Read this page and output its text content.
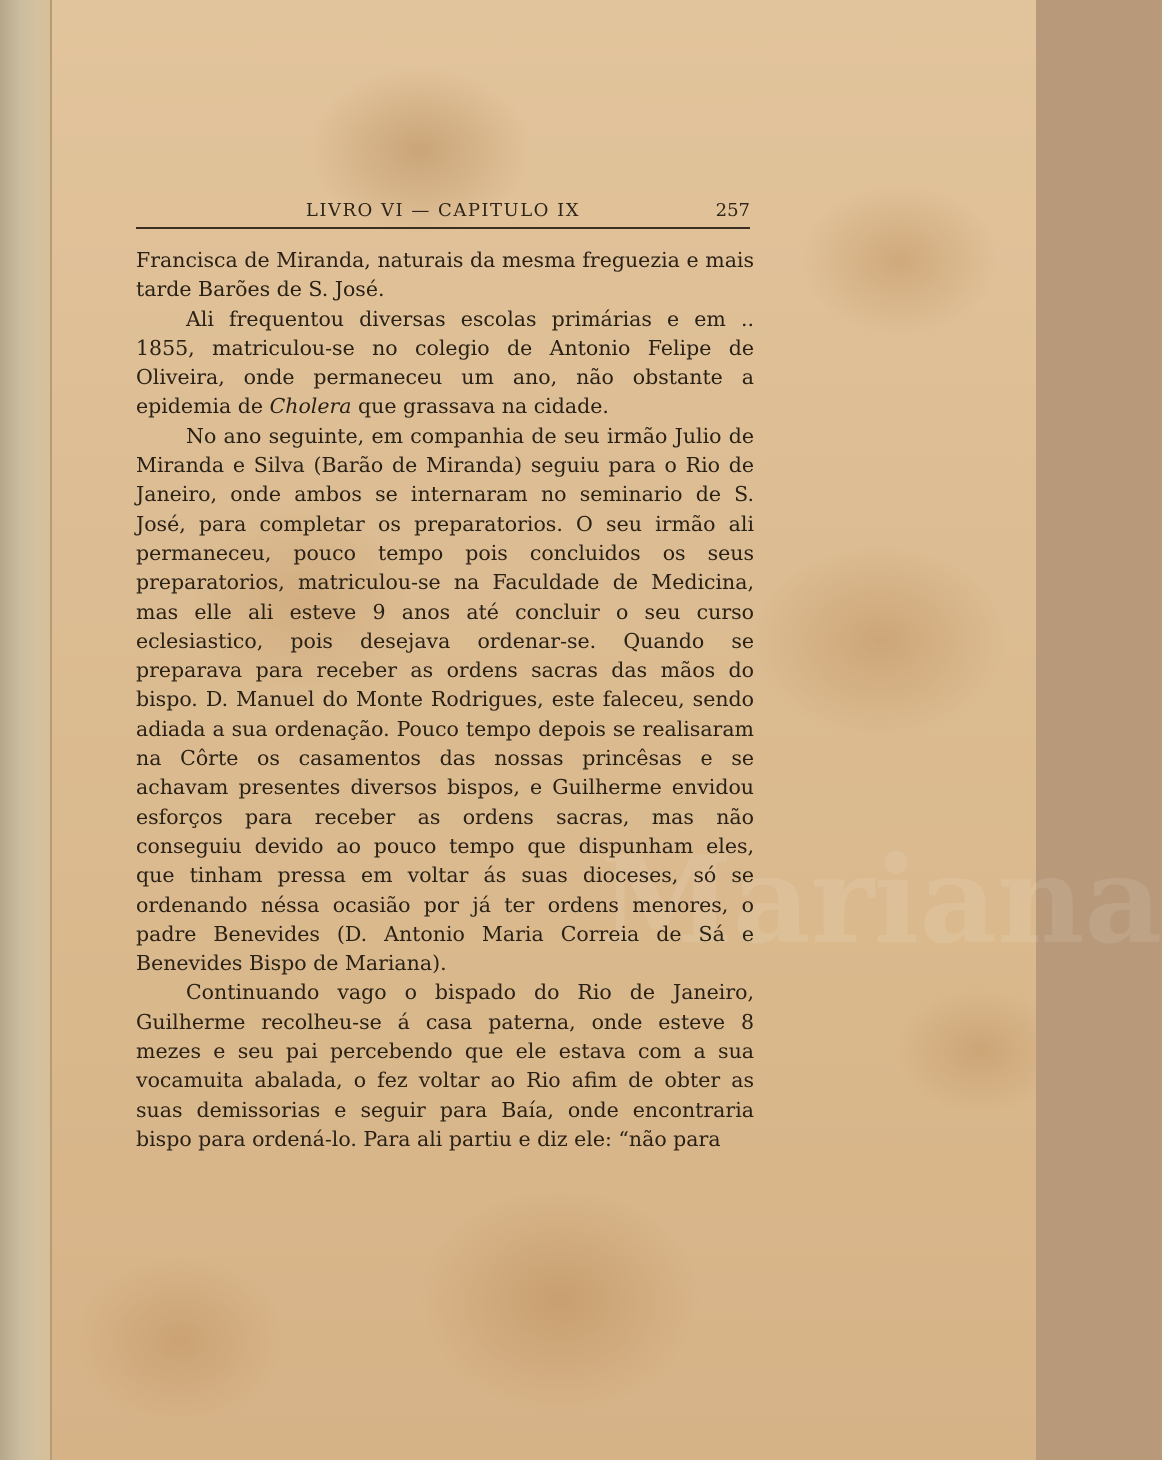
LIVRO VI — CAPITULO IX	257
Mariana

Francisca de Miranda, naturais da mesma freguezia e mais tarde Barões de S. José.

Ali frequentou diversas escolas primárias e em .. 1855, matriculou-se no colegio de Antonio Felipe de Oliveira, onde permaneceu um ano, não obstante a epidemia de Cholera que grassava na cidade.

No ano seguinte, em companhia de seu irmão Julio de Miranda e Silva (Barão de Miranda) seguiu para o Rio de Janeiro, onde ambos se internaram no seminario de S. José, para completar os preparatorios. O seu irmão ali permaneceu, pouco tempo pois concluidos os seus preparatorios, matriculou-se na Faculdade de Medicina, mas elle ali esteve 9 anos até concluir o seu curso eclesiastico, pois desejava ordenar-se. Quando se preparava para receber as ordens sacras das mãos do bispo. D. Manuel do Monte Rodrigues, este faleceu, sendo adiada a sua ordenação. Pouco tempo depois se realisaram na Côrte os casamentos das nossas princêsas e se achavam presentes diversos bispos, e Guilherme envidou esforços para receber as ordens sacras, mas não conseguiu devido ao pouco tempo que dispunham eles, que tinham pressa em voltar ás suas dioceses, só se ordenando néssa ocasião por já ter ordens menores, o padre Benevides (D. Antonio Maria Correia de Sá e Benevides Bispo de Mariana).

Continuando vago o bispado do Rio de Janeiro, Guilherme recolheu-se á casa paterna, onde esteve 8 mezes e seu pai percebendo que ele estava com a sua vocamuita abalada, o fez voltar ao Rio afim de obter as suas demissorias e seguir para Baía, onde encontraria bispo para ordená-lo. Para ali partiu e diz ele: “não para
